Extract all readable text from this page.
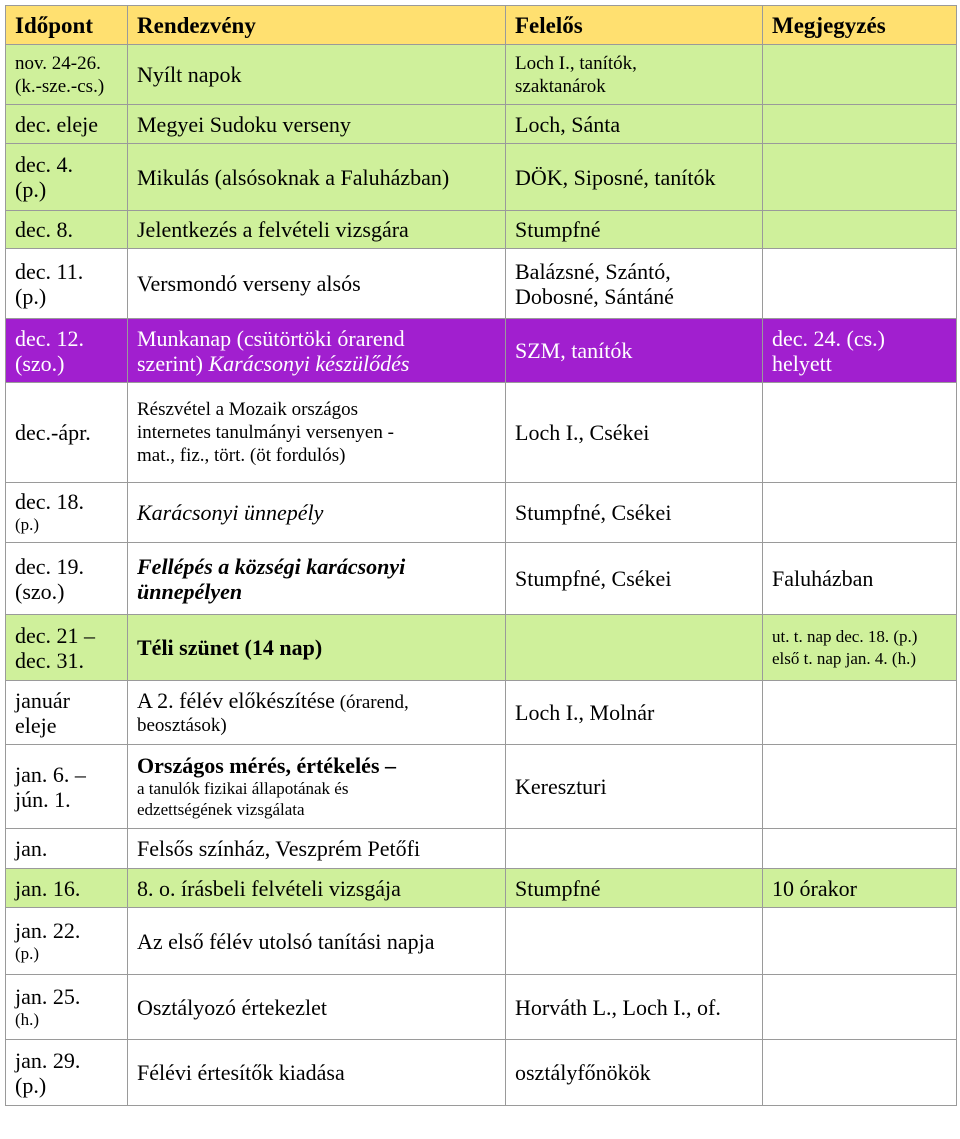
Időpont	Rendezvény	Felelős	Megjegyzés

nov. 24-26.
(k.-sze.-cs.)	Nyílt napok	Loch I., tanítók,
szaktanárok	

dec. eleje	Megyei Sudoku verseny	Loch, Sánta	

dec. 4.
(p.)	Mikulás (alsósoknak a Faluházban)	DÖK, Siposné, tanítók	
dec. 8.	Jelentkezés a felvételi vizsgára	Stumpfné	

dec. 11.
(p.)	Versmondó verseny alsós	Balázsné, Szántó,
Dobosné, Sántáné	

dec. 12.
(szo.)	Munkanap (csütörtöki órarend
szerint) Karácsonyi készülődés	SZM, tanítók	dec. 24. (cs.)
helyett

dec.-ápr.	Részvétel a Mozaik országos
internetes tanulmányi versenyen -
mat., fiz., tört. (öt fordulós)	Loch I., Csékei	

dec. 18.
(p.)	Karácsonyi ünnepély	Stumpfné, Csékei	

dec. 19.
(szo.)	Fellépés a községi karácsonyi
ünnepélyen	Stumpfné, Csékei	Faluházban

dec. 21 –
dec. 31.	Téli szünet (14 nap)		ut. t. nap dec. 18. (p.)
első t. nap jan. 4. (h.)

január
eleje	A 2. félév előkészítése (órarend,
beosztások)	Loch I., Molnár	

jan. 6. –
jún. 1.	Országos mérés, értékelés –
a tanulók fizikai állapotának és
edzettségének vizsgálata	Kereszturi	
jan.	Felsős színház, Veszprém Petőfi		
jan. 16.	8. o. írásbeli felvételi vizsgája	Stumpfné	10 órakor

jan. 22.
(p.)	Az első félév utolsó tanítási napja		

jan. 25.
(h.)	Osztályozó értekezlet	Horváth L., Loch I., of.	

jan. 29.
(p.)	Félévi értesítők kiadása	osztályfőnökök	
